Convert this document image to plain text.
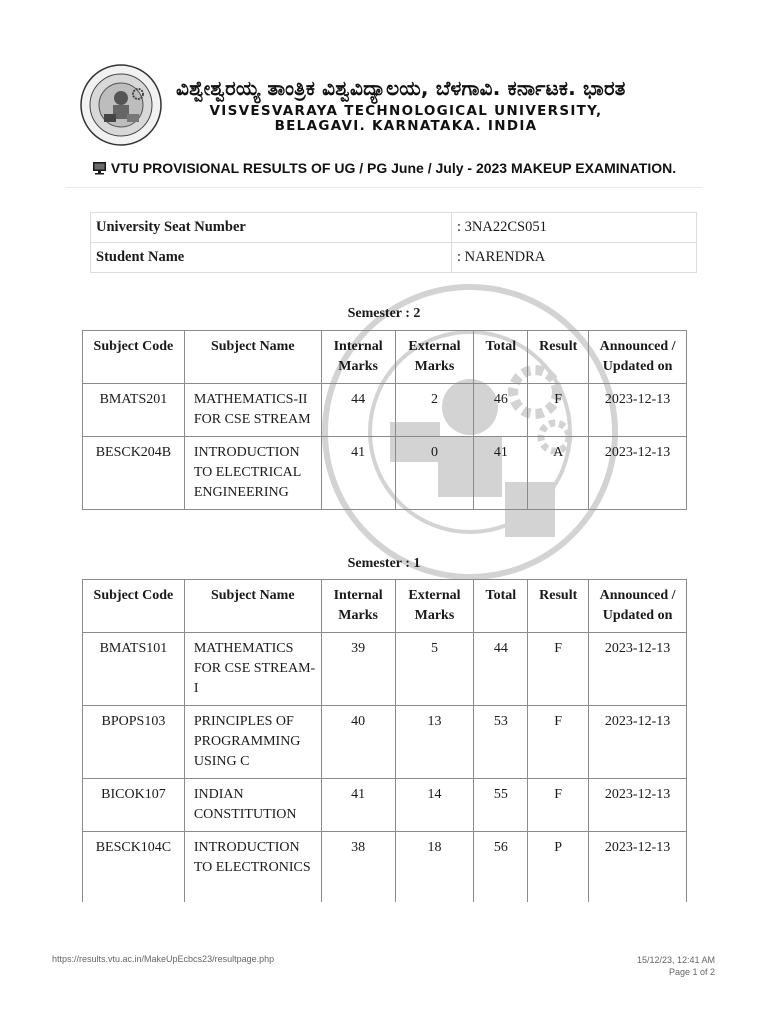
ವಿಶ್ವೇಶ್ವರಯ್ಯ ತಾಂತ್ರಿಕ ವಿಶ್ವವಿದ್ಯಾಲಯ, ಬೆಳಗಾವಿ. ಕರ್ನಾಟಕ. ಭಾರತ
VISVESVARAYA TECHNOLOGICAL UNIVERSITY,
BELAGAVI. KARNATAKA. INDIA
VTU PROVISIONAL RESULTS OF UG / PG June / July - 2023 MAKEUP EXAMINATION.
University Seat Number	: 3NA22CS051
Student Name	: NARENDRA
Semester : 2
Subject Code	Subject Name	Internal Marks	External Marks	Total	Result	Announced / Updated on
BMATS201	MATHEMATICS-II FOR CSE STREAM	44	2	46	F	2023-12-13
BESCK204B	INTRODUCTION TO ELECTRICAL ENGINEERING	41	0	41	A	2023-12-13
Semester : 1
Subject Code	Subject Name	Internal Marks	External Marks	Total	Result	Announced / Updated on
BMATS101	MATHEMATICS FOR CSE STREAM-I	39	5	44	F	2023-12-13
BPOPS103	PRINCIPLES OF PROGRAMMING USING C	40	13	53	F	2023-12-13
BICOK107	INDIAN CONSTITUTION	41	14	55	F	2023-12-13
BESCK104C	INTRODUCTION TO ELECTRONICS	38	18	56	P	2023-12-13
https://results.vtu.ac.in/MakeUpEcbcs23/resultpage.php	15/12/23, 12:41 AM
Page 1 of 2
